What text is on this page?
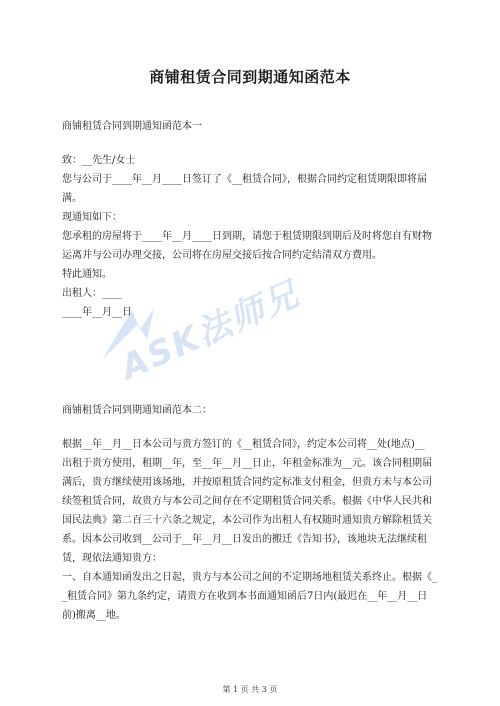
商铺租赁合同到期通知函范本
商铺租赁合同到期通知函范本一
致：__先生/女士
您与公司于____年__月____日签订了《__租赁合同》，根据合同约定租赁期限即将届
满。
现通知如下：
您承租的房屋将于____年__月____日到期，请您于租赁期限到期后及时将您自有财物
运离并与公司办理交接，公司将在房屋交接后按合同约定结清双方费用。
特此通知。
出租人：____
____年__月__日
商铺租赁合同到期通知函范本二：
根据__年__月__日本公司与贵方签订的《__租赁合同》，约定本公司将__处(地点)__
出租于贵方使用，租期__年，至__年__月__日止，年租金标准为__元。该合同租期届
满后，贵方继续使用该场地，并按原租赁合同约定标准支付租金，但贵方未与本公司
续签租赁合同，故贵方与本公司之间存在不定期租赁合同关系。根据《中华人民共和
国民法典》第二百三十六条之规定，本公司作为出租人有权随时通知贵方解除租赁关
系。因本公司收到__公司于__年__月__日发出的搬迁《告知书》，该地块无法继续租
赁，现依法通知贵方：
一、自本通知函发出之日起，贵方与本公司之间的不定期场地租赁关系终止。根据《_
_租赁合同》第九条约定，请贵方在收到本书面通知函后7日内(最迟在__年__月__日
前)搬离__地。
ASK法师兄
第 1 页 共 3 页
